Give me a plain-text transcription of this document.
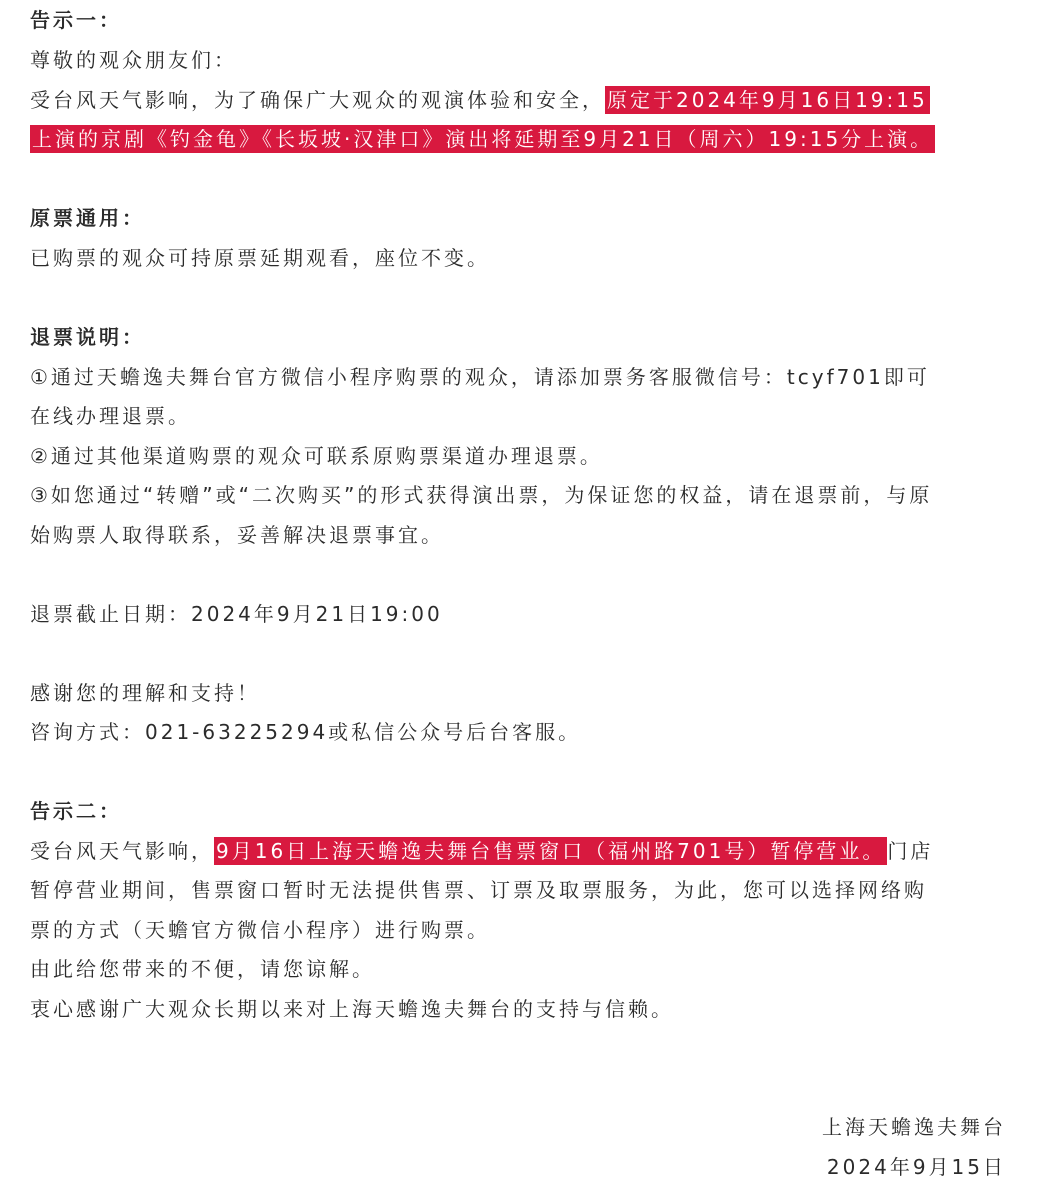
告示一：
尊敬的观众朋友们：
受台风天气影响，为了确保广大观众的观演体验和安全， 原定于2024年9月16日19:15
上演的京剧《钓金龟》《长坂坡·汉津口》演出将延期至9月21日（周六）19:15分上演。
原票通用：
已购票的观众可持原票延期观看，座位不变。
退票说明：
①通过天蟾逸夫舞台官方微信小程序购票的观众，请添加票务客服微信号：tcyf701即可
在线办理退票。
②通过其他渠道购票的观众可联系原购票渠道办理退票。
③如您通过“转赠”或“二次购买”的形式获得演出票，为保证您的权益，请在退票前，与原
始购票人取得联系，妥善解决退票事宜。
退票截止日期：2024年9月21日19:00
感谢您的理解和支持！
咨询方式：021-63225294或私信公众号后台客服。
告示二：
受台风天气影响， 9月16日上海天蟾逸夫舞台售票窗口（福州路701号）暂停营业。 门店
暂停营业期间，售票窗口暂时无法提供售票、订票及取票服务，为此，您可以选择网络购
票的方式（天蟾官方微信小程序）进行购票。
由此给您带来的不便，请您谅解。
衷心感谢广大观众长期以来对上海天蟾逸夫舞台的支持与信赖。
上海天蟾逸夫舞台
2024年9月15日
